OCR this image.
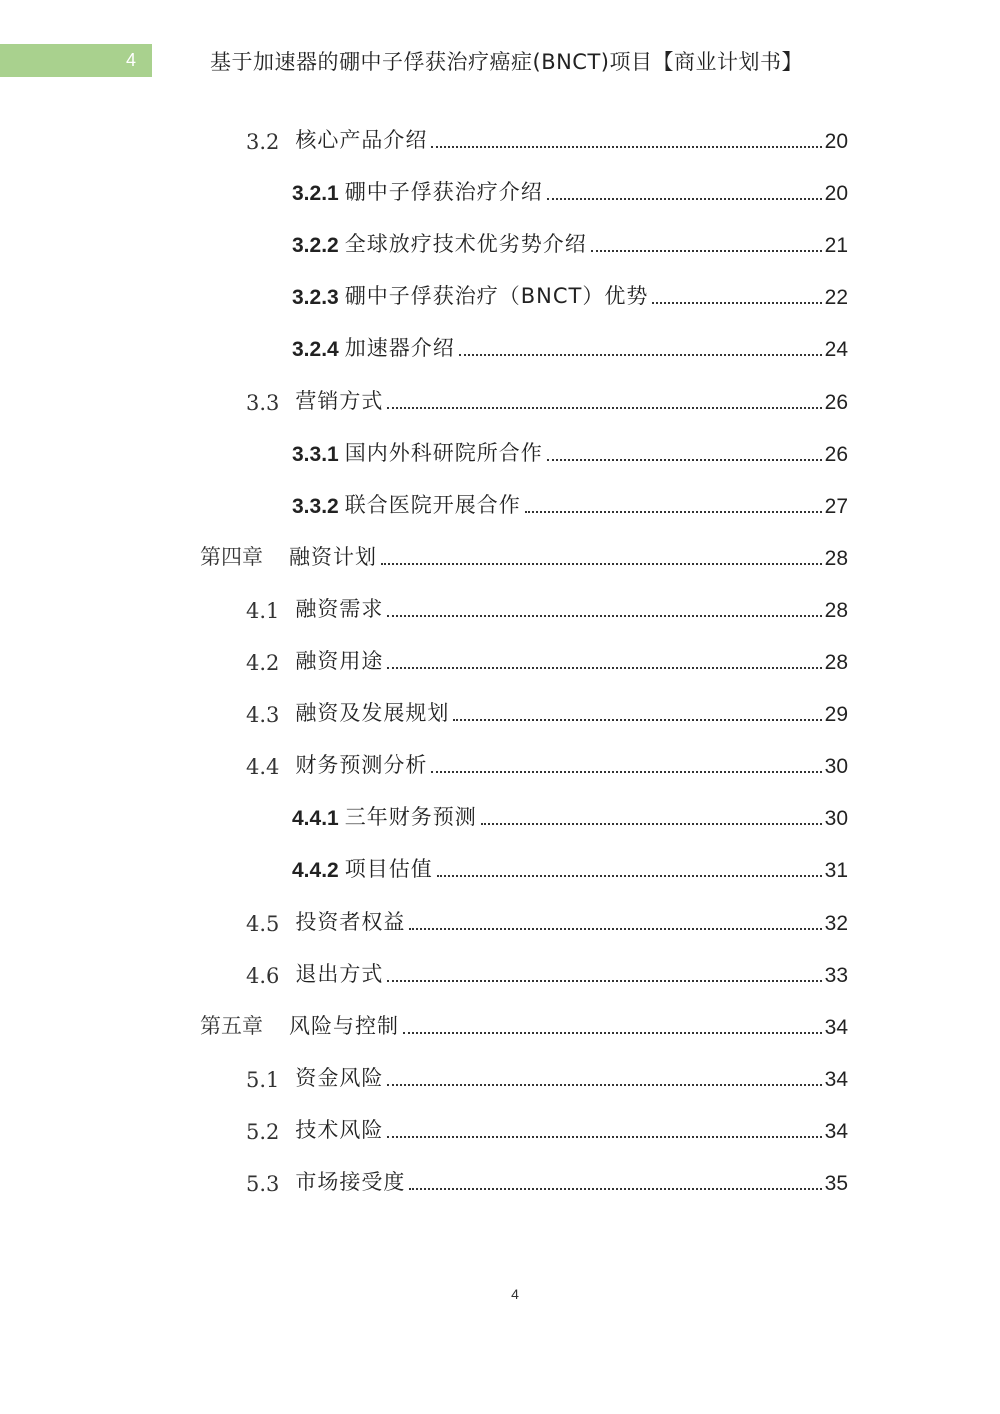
4	基于加速器的硼中子俘获治疗癌症(BNCT)项目【商业计划书】
3.2 核心产品介绍	20
3.2.1 硼中子俘获治疗介绍	20
3.2.2 全球放疗技术优劣势介绍	21
3.2.3 硼中子俘获治疗（BNCT）优势	22
3.2.4 加速器介绍	24
3.3 营销方式	26
3.3.1 国内外科研院所合作	26
3.3.2 联合医院开展合作	27
第四章 融资计划	28
4.1 融资需求	28
4.2 融资用途	28
4.3 融资及发展规划	29
4.4 财务预测分析	30
4.4.1 三年财务预测	30
4.4.2 项目估值	31
4.5 投资者权益	32
4.6 退出方式	33
第五章 风险与控制	34
5.1 资金风险	34
5.2 技术风险	34
5.3 市场接受度	35
4
